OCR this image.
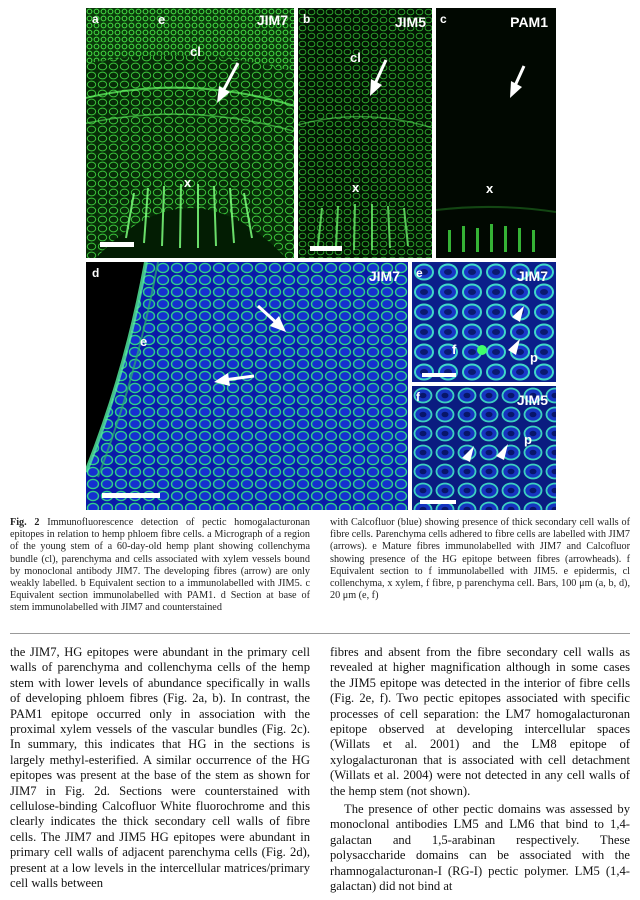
a	JIM7
e
cl
x
b	JIM5
cl
x
c	PAM1
x
d	JIM7
e
e	JIM7
f
p
f	JIM5
p
Fig. 2 Immunofluorescence detection of pectic homogalacturonan epitopes in relation to hemp phloem fibre cells. a Micrograph of a region of the young stem of a 60-day-old hemp plant showing collenchyma bundle (cl), parenchyma and cells associated with xylem vessels bound by monoclonal antibody JIM7. The developing fibres (arrow) are only weakly labelled. b Equivalent section to a immunolabelled with JIM5. c Equivalent section immunolabelled with PAM1. d Section at base of stem immunolabelled with JIM7 and counterstained
with Calcofluor (blue) showing presence of thick secondary cell walls of fibre cells. Parenchyma cells adhered to fibre cells are labelled with JIM7 (arrows). e Mature fibres immunolabelled with JIM7 and Calcofluor showing presence of the HG epitope between fibres (arrowheads). f Equivalent section to f immunolabelled with JIM5. e epidermis, cl collenchyma, x xylem, f fibre, p parenchyma cell. Bars, 100 μm (a, b, d), 20 μm (e, f)

the JIM7, HG epitopes were abundant in the primary cell walls of parenchyma and collenchyma cells of the hemp stem with lower levels of abundance specifically in walls of developing phloem fibres (Fig. 2a, b). In contrast, the PAM1 epitope occurred only in association with the proximal xylem vessels of the vascular bundles (Fig. 2c). In summary, this indicates that HG in the sections is largely methyl-esterified. A similar occurrence of the HG epitopes was present at the base of the stem as shown for JIM7 in Fig. 2d. Sections were counterstained with cellulose-binding Calcofluor White fluorochrome and this clearly indicates the thick secondary cell walls of fibre cells. The JIM7 and JIM5 HG epitopes were abundant in primary cell walls of adjacent parenchyma cells (Fig. 2d), present at a low levels in the intercellular matrices/primary cell walls between

fibres and absent from the fibre secondary cell walls as revealed at higher magnification although in some cases the JIM5 epitope was detected in the interior of fibre cells (Fig. 2e, f). Two pectic epitopes associated with specific processes of cell separation: the LM7 homogalacturonan epitope observed at developing intercellular spaces (Willats et al. 2001) and the LM8 epitope of xylogalacturonan that is associated with cell detachment (Willats et al. 2004) were not detected in any cell walls of the hemp stem (not shown).

The presence of other pectic domains was assessed by monoclonal antibodies LM5 and LM6 that bind to 1,4-galactan and 1,5-arabinan respectively. These polysaccharide domains can be associated with the rhamnogalacturonan-I (RG-I) pectic polymer. LM5 (1,4-galactan) did not bind at
